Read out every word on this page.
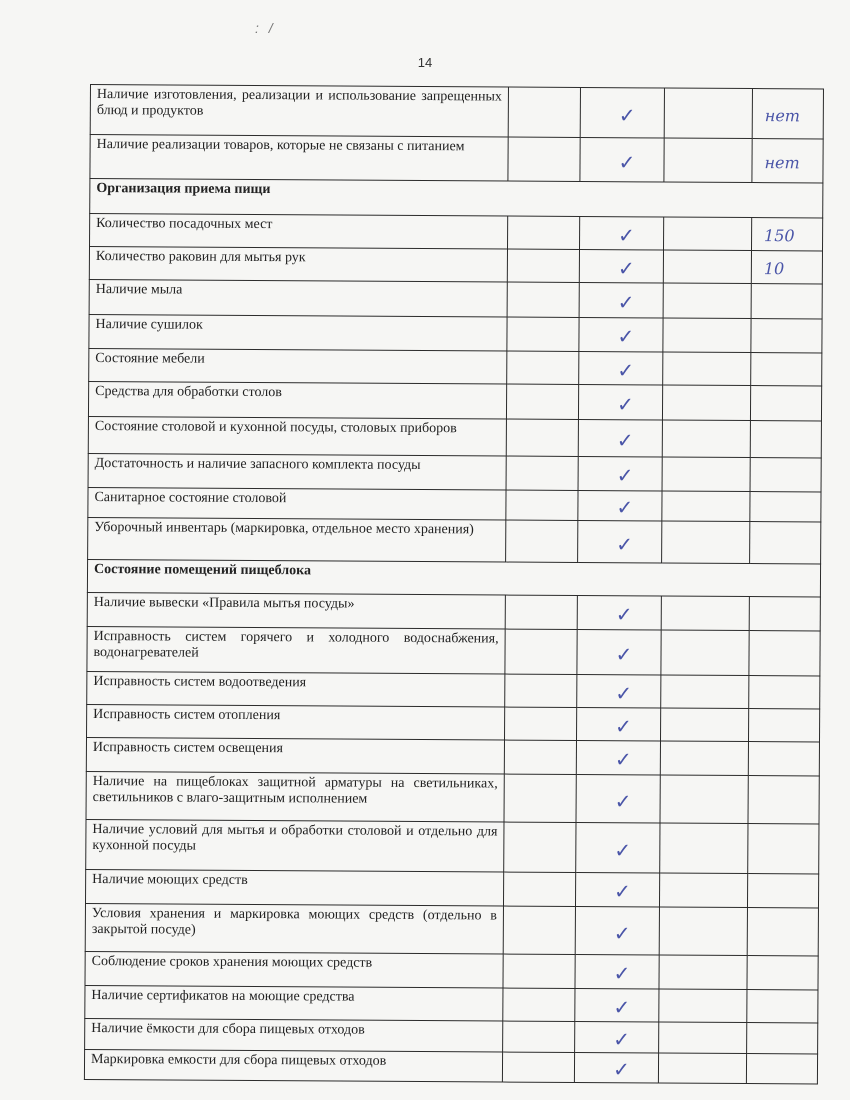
: /
14
Наличие изготовления, реализации и использование запрещенных блюд и продуктов		✓		нет

Наличие реализации товаров, которые не связаны с питанием		✓		нет

Организация приема пищи				
Количество посадочных мест		✓		150

Количество раковин для мытья рук		✓		10

Наличие мыла		✓		

Наличие сушилок		✓		

Состояние мебели		✓		

Средства для обработки столов		✓		

Состояние столовой и кухонной посуды, столовых приборов		✓		

Достаточность и наличие запасного комплекта посуды		✓		

Санитарное состояние столовой		✓		

Уборочный инвентарь (маркировка, отдельное место хранения)		✓		

Состояние помещений пищеблока				
Наличие вывески «Правила мытья посуды»		✓		

Исправность систем горячего и холодного водоснабжения, водонагревателей		✓		

Исправность систем водоотведения		✓		

Исправность систем отопления		✓		

Исправность систем освещения		✓		

Наличие на пищеблоках защитной арматуры на светильниках, светильников с влаго-защитным исполнением		✓		

Наличие условий для мытья и обработки столовой и отдельно для кухонной посуды		✓		

Наличие моющих средств		✓		

Условия хранения и маркировка моющих средств (отдельно в закрытой посуде)		✓		

Соблюдение сроков хранения моющих средств		✓		

Наличие сертификатов на моющие средства		✓		

Наличие ёмкости для сбора пищевых отходов		✓		

Маркировка емкости для сбора пищевых отходов		✓		
